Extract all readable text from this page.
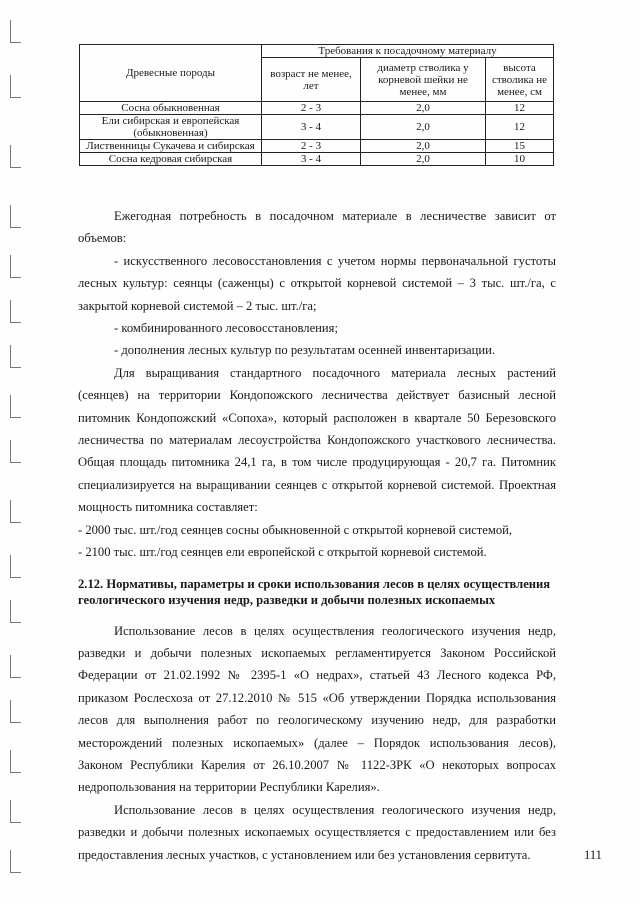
Древесные породы	Требования к посадочному материалу		
	возраст не менее, лет	диаметр стволика у корневой шейки не менее, мм	высота стволика не менее, см
Сосна обыкновенная	2 - 3	2,0	12
Ели сибирская и европейская (обыкновенная)	3 - 4	2,0	12
Лиственницы Сукачева и сибирская	2 - 3	2,0	15
Сосна кедровая сибирская	3 - 4	2,0	10

Ежегодная потребность в посадочном материале в лесничестве зависит от объемов:

- искусственного лесовосстановления с учетом нормы первоначальной густоты лесных культур: сеянцы (саженцы) с открытой корневой системой – 3 тыс. шт./га, с закрытой корневой системой – 2 тыс. шт./га;

- комбинированного лесовосстановления;

- дополнения лесных культур по результатам осенней инвентаризации.

Для выращивания стандартного посадочного материала лесных растений (сеянцев) на территории Кондопожского лесничества действует базисный лесной питомник Кондопожский «Сопоха», который расположен в квартале 50 Березовского лесничества по материалам лесоустройства Кондопожского участкового лесничества. Общая площадь питомника 24,1 га, в том числе продуцирующая - 20,7 га. Питомник специализируется на выращивании сеянцев с открытой корневой системой. Проектная мощность питомника составляет:

- 2000 тыс. шт./год сеянцев сосны обыкновенной с открытой корневой системой,

- 2100 тыс. шт./год сеянцев ели европейской с открытой корневой системой.

2.12. Нормативы, параметры и сроки использования лесов в целях осуществления
геологического изучения недр, разведки и добычи полезных ископаемых

Использование лесов в целях осуществления геологического изучения недр, разведки и добычи полезных ископаемых регламентируется Законом Российской Федерации от 21.02.1992 № 2395-1 «О недрах», статьей 43 Лесного кодекса РФ, приказом Рослесхоза от 27.12.2010 № 515 «Об утверждении Порядка использования лесов для выполнения работ по геологическому изучению недр, для разработки месторождений полезных ископаемых» (далее – Порядок использования лесов), Законом Республики Карелия от 26.10.2007 № 1122-ЗРК «О некоторых вопросах недропользования на территории Республики Карелия».

Использование лесов в целях осуществления геологического изучения недр, разведки и добычи полезных ископаемых осуществляется с предоставлением или без предоставления лесных участков, с установлением или без установления сервитута.	111
